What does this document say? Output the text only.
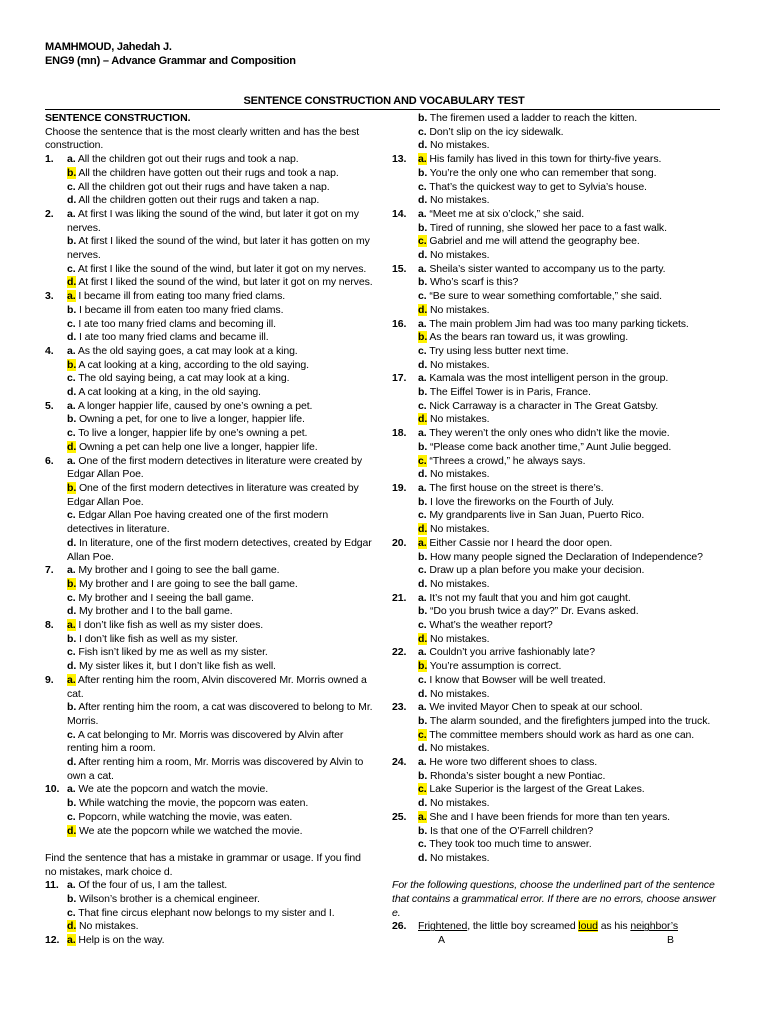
MAMHMOUD, Jahedah J.
ENG9 (mn) – Advance Grammar and Composition
SENTENCE CONSTRUCTION AND VOCABULARY TEST
SENTENCE CONSTRUCTION.
Choose the sentence that is the most clearly written and has the best construction.
1.	a. All the children got out their rugs and took a nap.
b. All the children have gotten out their rugs and took a nap.
c. All the children got out their rugs and have taken a nap.
d. All the children gotten out their rugs and taken a nap.
2.	a. At first I was liking the sound of the wind, but later it got on my nerves.
b. At first I liked the sound of the wind, but later it has gotten on my nerves.
c. At first I like the sound of the wind, but later it got on my nerves.
d. At first I liked the sound of the wind, but later it got on my nerves.
3.	a. I became ill from eating too many fried clams.
b. I became ill from eaten too many fried clams.
c. I ate too many fried clams and becoming ill.
d. I ate too many fried clams and became ill.
4.	a. As the old saying goes, a cat may look at a king.
b. A cat looking at a king, according to the old saying.
c. The old saying being, a cat may look at a king.
d. A cat looking at a king, in the old saying.
5.	a. A longer happier life, caused by one’s owning a pet.
b. Owning a pet, for one to live a longer, happier life.
c. To live a longer, happier life by one’s owning a pet.
d. Owning a pet can help one live a longer, happier life.
6.	a. One of the first modern detectives in literature were created by Edgar Allan Poe.
b. One of the first modern detectives in literature was created by Edgar Allan Poe.
c. Edgar Allan Poe having created one of the first modern detectives in literature.
d. In literature, one of the first modern detectives, created by Edgar Allan Poe.
7.	a. My brother and I going to see the ball game.
b. My brother and I are going to see the ball game.
c. My brother and I seeing the ball game.
d. My brother and I to the ball game.
8.	a. I don’t like fish as well as my sister does.
b. I don’t like fish as well as my sister.
c. Fish isn’t liked by me as well as my sister.
d. My sister likes it, but I don’t like fish as well.
9.	a. After renting him the room, Alvin discovered Mr. Morris owned a cat.
b. After renting him the room, a cat was discovered to belong to Mr. Morris.
c. A cat belonging to Mr. Morris was discovered by Alvin after renting him a room.
d. After renting him a room, Mr. Morris was discovered by Alvin to own a cat.
10. a. We ate the popcorn and watch the movie.
b. While watching the movie, the popcorn was eaten.
c. Popcorn, while watching the movie, was eaten.
d. We ate the popcorn while we watched the movie.
Find the sentence that has a mistake in grammar or usage. If you find no mistakes, mark choice d.
11. a. Of the four of us, I am the tallest.
b. Wilson’s brother is a chemical engineer.
c. That fine circus elephant now belongs to my sister and I.
d. No mistakes.
12. a. Help is on the way.
b. The firemen used a ladder to reach the kitten.
c. Don’t slip on the icy sidewalk.
d. No mistakes.
13.	a. His family has lived in this town for thirty-five years.
b. You’re the only one who can remember that song.
c. That’s the quickest way to get to Sylvia’s house.
d. No mistakes.
14.	a. “Meet me at six o’clock,” she said.
b. Tired of running, she slowed her pace to a fast walk.
c. Gabriel and me will attend the geography bee.
d. No mistakes.
15.	a. Sheila’s sister wanted to accompany us to the party.
b. Who’s scarf is this?
c. “Be sure to wear something comfortable,” she said.
d. No mistakes.
16.	a. The main problem Jim had was too many parking tickets.
b. As the bears ran toward us, it was growling.
c. Try using less butter next time.
d. No mistakes.
17.	a. Kamala was the most intelligent person in the group.
b. The Eiffel Tower is in Paris, France.
c. Nick Carraway is a character in The Great Gatsby.
d. No mistakes.
18.	a. They weren’t the only ones who didn’t like the movie.
b. “Please come back another time,” Aunt Julie begged.
c. “Threes a crowd,” he always says.
d. No mistakes.
19.	a. The first house on the street is there’s.
b. I love the fireworks on the Fourth of July.
c. My grandparents live in San Juan, Puerto Rico.
d. No mistakes.
20.	a. Either Cassie nor I heard the door open.
b. How many people signed the Declaration of Independence?
c. Draw up a plan before you make your decision.
d. No mistakes.
21.	a. It’s not my fault that you and him got caught.
b. “Do you brush twice a day?” Dr. Evans asked.
c. What’s the weather report?
d. No mistakes.
22.	a. Couldn’t you arrive fashionably late?
b. You’re assumption is correct.
c. I know that Bowser will be well treated.
d. No mistakes.
23.	a. We invited Mayor Chen to speak at our school.
b. The alarm sounded, and the firefighters jumped into the truck.
c. The committee members should work as hard as one can.
d. No mistakes.
24.	a. He wore two different shoes to class.
b. Rhonda’s sister bought a new Pontiac.
c. Lake Superior is the largest of the Great Lakes.
d. No mistakes.
25.	a. She and I have been friends for more than ten years.
b. Is that one of the O’Farrell children?
c. They took too much time to answer.
d. No mistakes.
For the following questions, choose the underlined part of the sentence that contains a grammatical error. If there are no errors, choose answer e.
26.	Frightened, the little boy screamed loud as his neighbor’s
A	B
